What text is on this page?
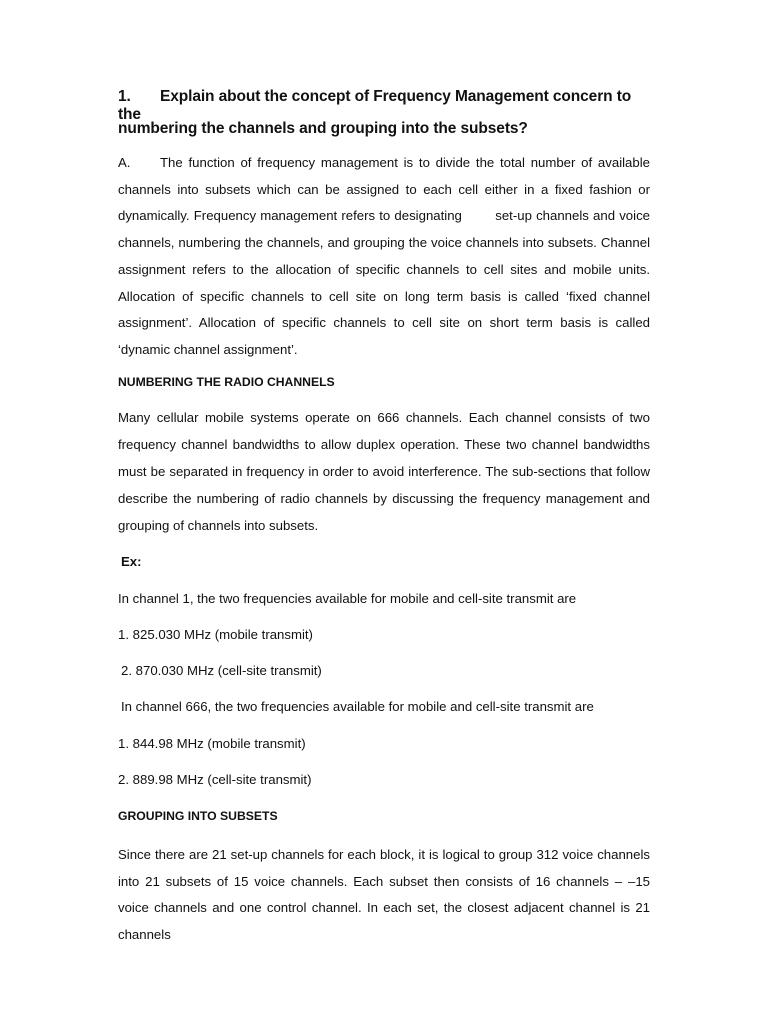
1. Explain about the concept of Frequency Management concern to the
numbering the channels and grouping into the subsets?
A. The function of frequency management is to divide the total number of available channels into subsets which can be assigned to each cell either in a fixed fashion or dynamically. Frequency management refers to designating        set-up channels and voice channels, numbering the channels, and grouping the voice channels into subsets. Channel assignment refers to the allocation of specific channels to cell sites and mobile units. Allocation of specific channels to cell site on long term basis is called ‘fixed channel assignment’. Allocation of specific channels to cell site on short term basis is called ‘dynamic channel assignment’.
NUMBERING THE RADIO CHANNELS
Many cellular mobile systems operate on 666 channels. Each channel consists of two frequency channel bandwidths to allow duplex operation. These two channel bandwidths must be separated in frequency in order to avoid interference. The sub-sections that follow describe the numbering of radio channels by discussing the frequency management and grouping of channels into subsets.
Ex:
In channel 1, the two frequencies available for mobile and cell-site transmit are
1. 825.030 MHz (mobile transmit)
2. 870.030 MHz (cell-site transmit)
In channel 666, the two frequencies available for mobile and cell-site transmit are
1. 844.98 MHz (mobile transmit)
2. 889.98 MHz (cell-site transmit)
GROUPING INTO SUBSETS
Since there are 21 set-up channels for each block, it is logical to group 312 voice channels into 21 subsets of 15 voice channels. Each subset then consists of 16 channels – –15 voice channels and one control channel. In each set, the closest adjacent channel is 21 channels
